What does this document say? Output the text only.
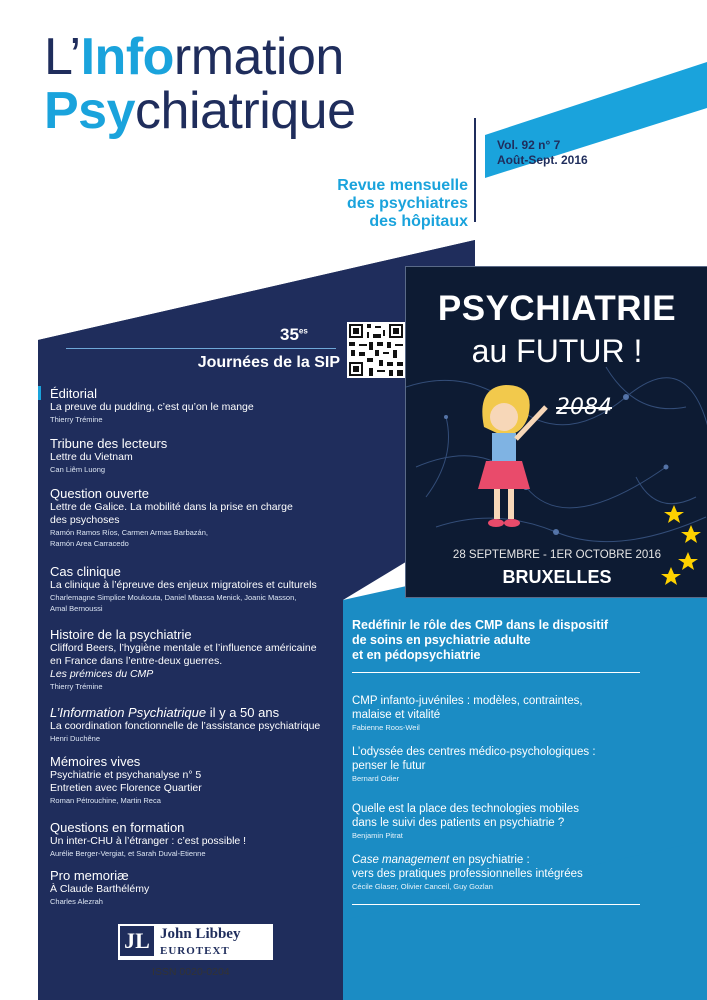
L’Information
Psychiatrique
Vol. 92 n° 7
Août-Sept. 2016
Revue mensuelle
des psychiatres
des hôpitaux
$35^{es}$
Journées de la SIP
Éditorial
La preuve du pudding, c’est qu’on le mange
Thierry Trémine
Tribune des lecteurs
Lettre du Vietnam
Can Liêm Luong
Question ouverte
Lettre de Galice. La mobilité dans la prise en charge
des psychoses
Ramón Ramos Ríos, Carmen Armas Barbazán,
Ramón Area Carracedo
Cas clinique
La clinique à l’épreuve des enjeux migratoires et culturels
Charlemagne Simplice Moukouta, Daniel Mbassa Menick, Joanic Masson,
Amal Bernoussi
Histoire de la psychiatrie
Clifford Beers, l’hygiène mentale et l’influence américaine
en France dans l’entre-deux guerres.
Les prémices du CMP
Thierry Trémine
L’Information Psychiatrique il y a 50 ans
La coordination fonctionnelle de l’assistance psychiatrique
Henri Duchêne
Mémoires vives
Psychiatrie et psychanalyse n° 5
Entretien avec Florence Quartier
Roman Pétrouchine, Martin Reca
Questions en formation
Un inter-CHU à l’étranger : c’est possible !
Aurélie Berger-Vergiat, et Sarah Duval-Etienne
Pro memoriæ
À Claude Barthélémy
Charles Alezrah
PSYCHIATRIE
au FUTUR !
2084
28 SEPTEMBRE - 1ER OCTOBRE 2016
BRUXELLES
Redéfinir le rôle des CMP dans le dispositif
de soins en psychiatrie adulte
et en pédopsychiatrie
CMP infanto-juvéniles : modèles, contraintes,
malaise et vitalité
Fabienne Roos-Weil
L’odyssée des centres médico-psychologiques :
penser le futur
Bernard Odier
Quelle est la place des technologies mobiles
dans le suivi des patients en psychiatrie ?
Benjamin Pitrat
Case management en psychiatrie :
vers des pratiques professionnelles intégrées
Cécile Glaser, Olivier Canceil, Guy Gozlan
JL John Libbey
EUROTEXT
ISSN 0020-0204
